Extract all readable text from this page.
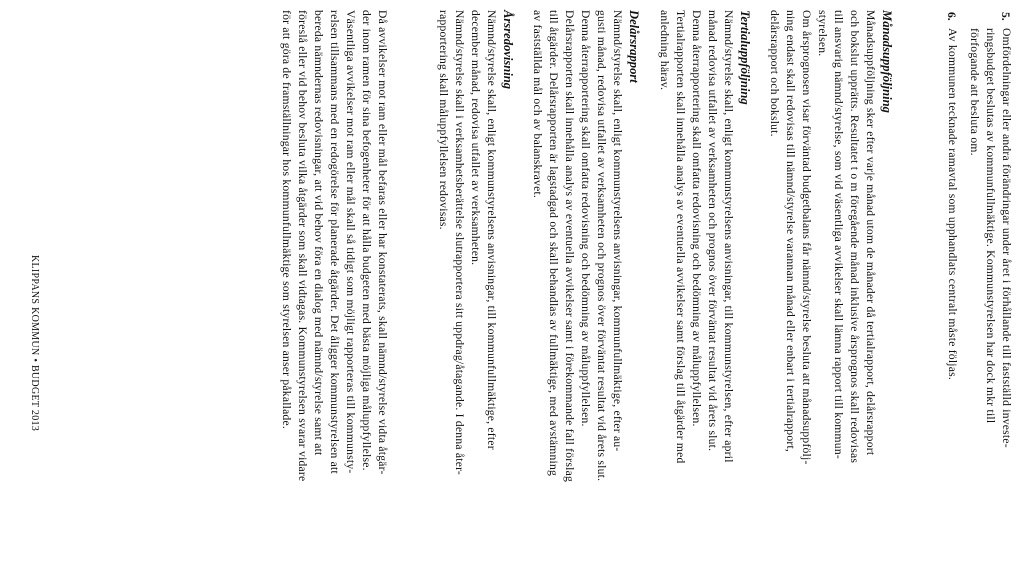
5.
Omfördelningar eller andra förändringar under året i förhållande till fastställd investe-
ringsbudget beslutas av kommunfullmäktige. Kommunstyrelsen har dock mkr till
förfogande att besluta om.
6.
Av kommunen tecknade ramavtal som upphandlats centralt måste följas.
Månadsuppföljning
Månadsuppföljning sker efter varje månad utom de månader då tertialrapport, delårsrapport
och bokslut upprätts. Resultatet t o m föregående månad inklusive årsprognos skall redovisas
till ansvarig nämnd/styrelse, som vid väsentliga avvikelser skall lämna rapport till kommun-
styrelsen.
Om årsprognosen visar förväntad budgetbalans får nämnd/styrelse besluta att månadsuppfölj-
ning endast skall redovisas till nämnd/styrelse varannan månad eller enbart i tertialrapport,
delårsrapport och bokslut.
Tertialuppföljning
Nämnd/styrelse skall, enligt kommunstyrelsens anvisningar, till kommunstyrelsen, efter april
månad redovisa utfallet av verksamheten och prognos över förväntat resultat vid årets slut.
Denna återrapportering skall omfatta redovisning och bedömning av måluppfyllelsen.
Tertialrapporten skall innehålla analys av eventuella avvikelser samt förslag till åtgärder med
anledning härav.
Delårsrapport
Nämnd/styrelse skall, enligt kommunstyrelsens anvisningar, kommunfullmäktige, efter au-
gusti månad, redovisa utfallet av verksamheten och prognos över förväntat resultat vid årets slut.
Denna återrapportering skall omfatta redovisning och bedömning av måluppfyllelsen.
Delårsrapporten skall innehålla analys av eventuella avvikelser samt i förekommande fall förslag
till åtgärder. Delårsrapporten är lagstadgad och skall behandlas av fullmäktige, med avstämning
av fastställda mål och av balanskravet.
Årsredovisning
Nämnd/styrelse skall, enligt kommunstyrelsens anvisningar, till kommunfullmäktige, efter
december månad, redovisa utfallet av verksamheten.
Nämnd/styrelse skall i verksamhetsberättelse slutrapportera sitt uppdrag/åtagande. I denna åter-
rapportering skall måluppfyllelsen redovisas.
Då avvikelser mot ram eller mål befaras eller har konstaterats, skall nämnd/styrelse vidta åtgär-
der inom ramen för sina befogenheter för att hålla budgeten med bästa möjliga måluppfyllelse.
Väsentliga avvikelser mot ram eller mål skall så tidigt som möjligt rapporteras till kommunsty-
relsen tillsammans med en redogörelse för planerade åtgärder. Det åligger kommunstyrelsen att
bereda nämndernas redovisningar, att vid behov föra en dialog med nämnd/styrelse samt att
föreslå eller vid behov besluta vilka åtgärder som skall vidtagas. Kommunstyrelsen svarar vidare
för att göra de framställningar hos kommunfullmäktige som styrelsen anser påkallade.
KLIPPANS KOMMUN • BUDGET 2013
